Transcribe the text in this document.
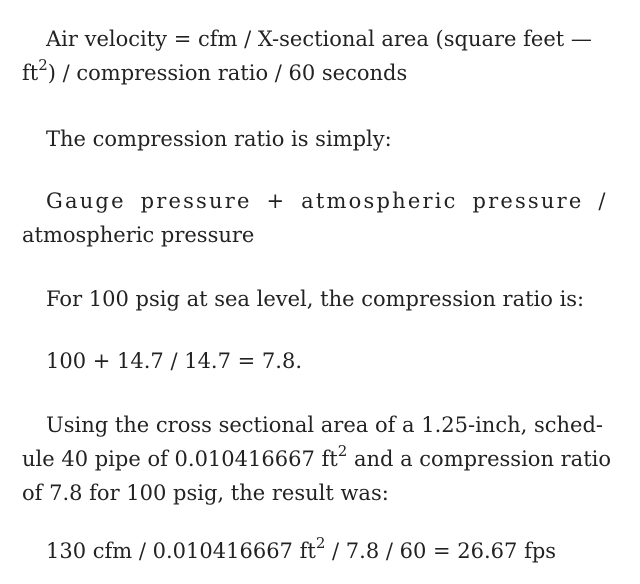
Air velocity = cfm / X-sectional area (square feet —
$ft^2$) / compression ratio / 60 seconds

The compression ratio is simply:

Gauge pressure + atmospheric pressure /
atmospheric pressure

For 100 psig at sea level, the compression ratio is:

100 + 14.7 / 14.7 = 7.8.

Using the cross sectional area of a 1.25-inch, sched-
ule 40 pipe of 0.010416667 $ft^2$ and a compression ratio
of 7.8 for 100 psig, the result was:

130 cfm / 0.010416667 $ft^2 / 7.8 / 60 = 26.67$ fps
